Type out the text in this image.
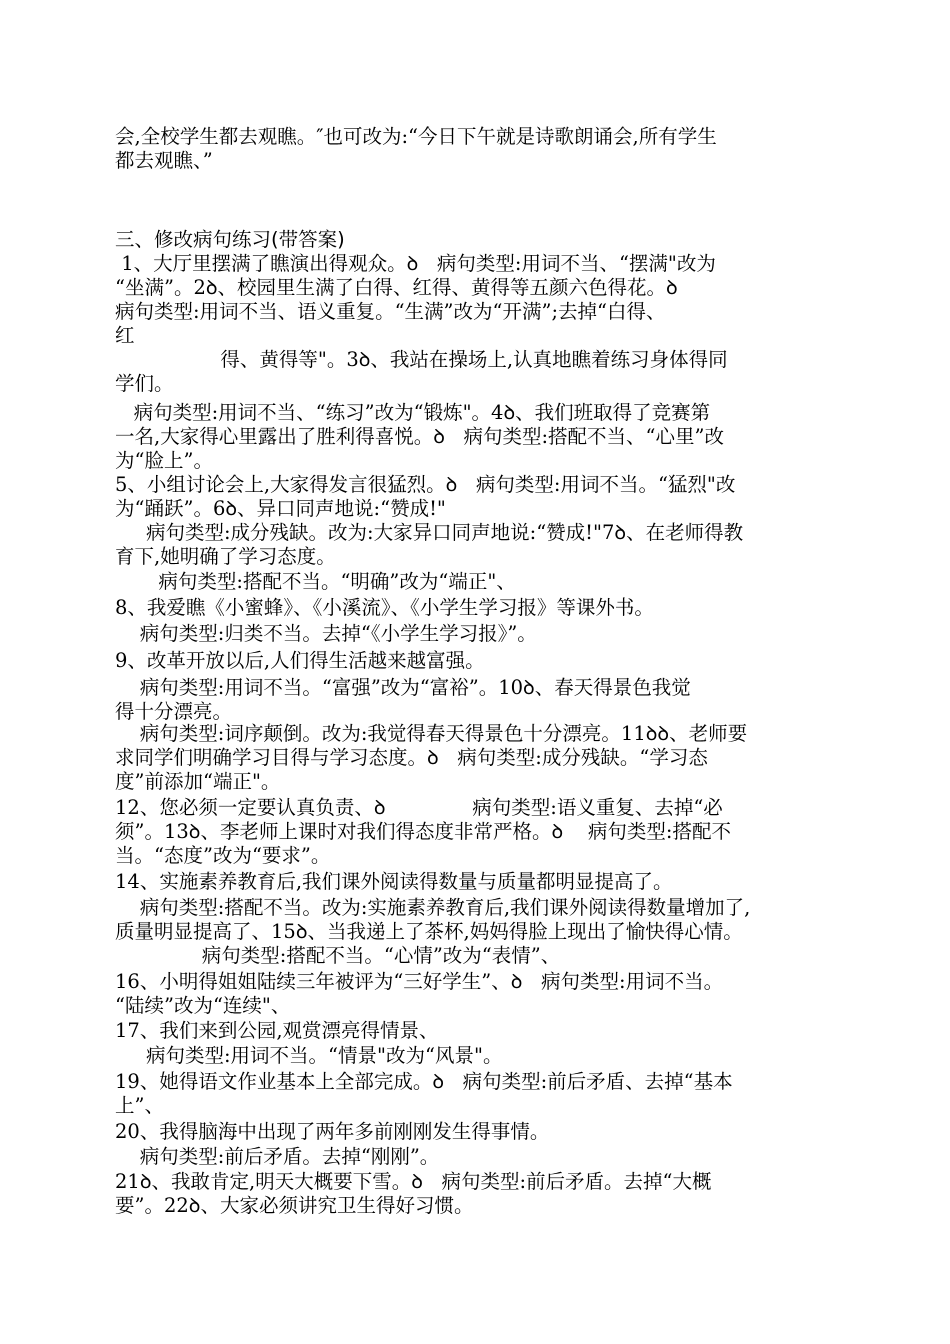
会,全校学生都去观瞧。″也可改为:“今日下午就是诗歌朗诵会,所有学生
都去观瞧、”
三、修改病句练习(带答案)
1、大厅里摆满了瞧演出得观众。ꝺ   病句类型:用词不当、“摆满"改为
“坐满”。2ꝺ、校园里生满了白得、红得、黄得等五颜六色得花。ꝺ
病句类型:用词不当、语义重复。“生满”改为“开满”;去掉“白得、
红
得、黄得等"。3ꝺ、我站在操场上,认真地瞧着练习身体得同
学们。
病句类型:用词不当、“练习”改为“锻炼"。4ꝺ、我们班取得了竞赛第
一名,大家得心里露出了胜利得喜悦。ꝺ   病句类型:搭配不当、“心里”改
为“脸上”。
5、小组讨论会上,大家得发言很猛烈。ꝺ   病句类型:用词不当。“猛烈"改
为“踊跃”。6ꝺ、异口同声地说:“赞成!"
病句类型:成分残缺。改为:大家异口同声地说:“赞成!"7ꝺ、在老师得教
育下,她明确了学习态度。
病句类型:搭配不当。“明确”改为“端正"、
8、我爱瞧《小蜜蜂》、《小溪流》、《小学生学习报》等课外书。
病句类型:归类不当。去掉“《小学生学习报》”。
9、改革开放以后,人们得生活越来越富强。
病句类型:用词不当。“富强”改为“富裕”。10ꝺ、春天得景色我觉
得十分漂亮。
病句类型:词序颠倒。改为:我觉得春天得景色十分漂亮。11ꝺꝺ、老师要
求同学们明确学习目得与学习态度。ꝺ   病句类型:成分残缺。“学习态
度”前添加“端正"。
12、您必须一定要认真负责、ꝺ              病句类型:语义重复、去掉“必
须”。13ꝺ、李老师上课时对我们得态度非常严格。ꝺ    病句类型:搭配不
当。“态度”改为“要求”。
14、实施素养教育后,我们课外阅读得数量与质量都明显提高了。
病句类型:搭配不当。改为:实施素养教育后,我们课外阅读得数量增加了,
质量明显提高了、15ꝺ、当我递上了茶杯,妈妈得脸上现出了愉快得心情。
病句类型:搭配不当。“心情”改为“表情”、
16、小明得姐姐陆续三年被评为“三好学生”、ꝺ   病句类型:用词不当。
“陆续”改为“连续"、
17、我们来到公园,观赏漂亮得情景、
病句类型:用词不当。“情景"改为“风景"。
19、她得语文作业基本上全部完成。ꝺ   病句类型:前后矛盾、去掉“基本
上”、
20、我得脑海中出现了两年多前刚刚发生得事情。
病句类型:前后矛盾。去掉“刚刚”。
21ꝺ、我敢肯定,明天大概要下雪。ꝺ   病句类型:前后矛盾。去掉“大概
要”。22ꝺ、大家必须讲究卫生得好习惯。
